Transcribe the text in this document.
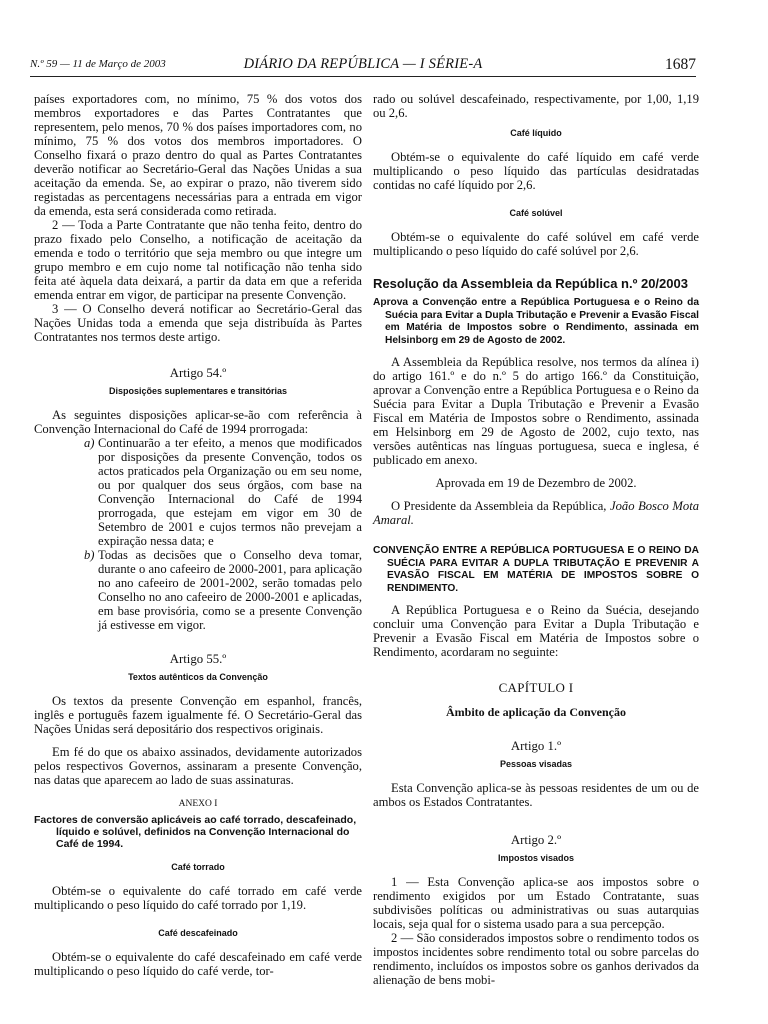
N.º 59 — 11 de Março de 2003	DIÁRIO DA REPÚBLICA — I SÉRIE-A	1687

países exportadores com, no mínimo, 75 % dos votos dos membros exportadores e das Partes Contratantes que representem, pelo menos, 70 % dos países importadores com, no mínimo, 75 % dos votos dos membros importadores. O Conselho fixará o prazo dentro do qual as Partes Contratantes deverão notificar ao Secretário-Geral das Nações Unidas a sua aceitação da emenda. Se, ao expirar o prazo, não tiverem sido registadas as percentagens necessárias para a entrada em vigor da emenda, esta será considerada como retirada.

2 — Toda a Parte Contratante que não tenha feito, dentro do prazo fixado pelo Conselho, a notificação de aceitação da emenda e todo o território que seja membro ou que integre um grupo membro e em cujo nome tal notificação não tenha sido feita até àquela data deixará, a partir da data em que a referida emenda entrar em vigor, de participar na presente Convenção.

3 — O Conselho deverá notificar ao Secretário-Geral das Nações Unidas toda a emenda que seja distribuída às Partes Contratantes nos termos deste artigo.

Artigo 54.º
Disposições suplementares e transitórias

As seguintes disposições aplicar-se-ão com referência à Convenção Internacional do Café de 1994 prorrogada:

a) Continuarão a ter efeito, a menos que modificados por disposições da presente Convenção, todos os actos praticados pela Organização ou em seu nome, ou por qualquer dos seus órgãos, com base na Convenção Internacional do Café de 1994 prorrogada, que estejam em vigor em 30 de Setembro de 2001 e cujos termos não prevejam a expiração nessa data; e
b) Todas as decisões que o Conselho deva tomar, durante o ano cafeeiro de 2000-2001, para aplicação no ano cafeeiro de 2001-2002, serão tomadas pelo Conselho no ano cafeeiro de 2000-2001 e aplicadas, em base provisória, como se a presente Convenção já estivesse em vigor.
Artigo 55.º
Textos autênticos da Convenção

Os textos da presente Convenção em espanhol, francês, inglês e português fazem igualmente fé. O Secretário-Geral das Nações Unidas será depositário dos respectivos originais.

Em fé do que os abaixo assinados, devidamente autorizados pelos respectivos Governos, assinaram a presente Convenção, nas datas que aparecem ao lado de suas assinaturas.

ANEXO I
Factores de conversão aplicáveis ao café torrado, descafeinado, líquido e solúvel, definidos na Convenção Internacional do Café de 1994.
Café torrado

Obtém-se o equivalente do café torrado em café verde multiplicando o peso líquido do café torrado por 1,19.

Café descafeinado

Obtém-se o equivalente do café descafeinado em café verde multiplicando o peso líquido do café verde, tor-

rado ou solúvel descafeinado, respectivamente, por 1,00, 1,19 ou 2,6.

Café líquido

Obtém-se o equivalente do café líquido em café verde multiplicando o peso líquido das partículas desidratadas contidas no café líquido por 2,6.

Café solúvel

Obtém-se o equivalente do café solúvel em café verde multiplicando o peso líquido do café solúvel por 2,6.

Resolução da Assembleia da República n.º 20/2003
Aprova a Convenção entre a República Portuguesa e o Reino da Suécia para Evitar a Dupla Tributação e Prevenir a Evasão Fiscal em Matéria de Impostos sobre o Rendimento, assinada em Helsinborg em 29 de Agosto de 2002.

A Assembleia da República resolve, nos termos da alínea i) do artigo 161.º e do n.º 5 do artigo 166.º da Constituição, aprovar a Convenção entre a República Portuguesa e o Reino da Suécia para Evitar a Dupla Tributação e Prevenir a Evasão Fiscal em Matéria de Impostos sobre o Rendimento, assinada em Helsinborg em 29 de Agosto de 2002, cujo texto, nas versões autênticas nas línguas portuguesa, sueca e inglesa, é publicado em anexo.

Aprovada em 19 de Dezembro de 2002.

O Presidente da Assembleia da República, João Bosco Mota Amaral.

CONVENÇÃO ENTRE A REPÚBLICA PORTUGUESA E O REINO DA SUÉCIA PARA EVITAR A DUPLA TRIBUTAÇÃO E PREVENIR A EVASÃO FISCAL EM MATÉRIA DE IMPOSTOS SOBRE O RENDIMENTO.

A República Portuguesa e o Reino da Suécia, desejando concluir uma Convenção para Evitar a Dupla Tributação e Prevenir a Evasão Fiscal em Matéria de Impostos sobre o Rendimento, acordaram no seguinte:

CAPÍTULO I
Âmbito de aplicação da Convenção
Artigo 1.º
Pessoas visadas

Esta Convenção aplica-se às pessoas residentes de um ou de ambos os Estados Contratantes.

Artigo 2.º
Impostos visados

1 — Esta Convenção aplica-se aos impostos sobre o rendimento exigidos por um Estado Contratante, suas subdivisões políticas ou administrativas ou suas autarquias locais, seja qual for o sistema usado para a sua percepção.

2 — São considerados impostos sobre o rendimento todos os impostos incidentes sobre rendimento total ou sobre parcelas do rendimento, incluídos os impostos sobre os ganhos derivados da alienação de bens mobi-
